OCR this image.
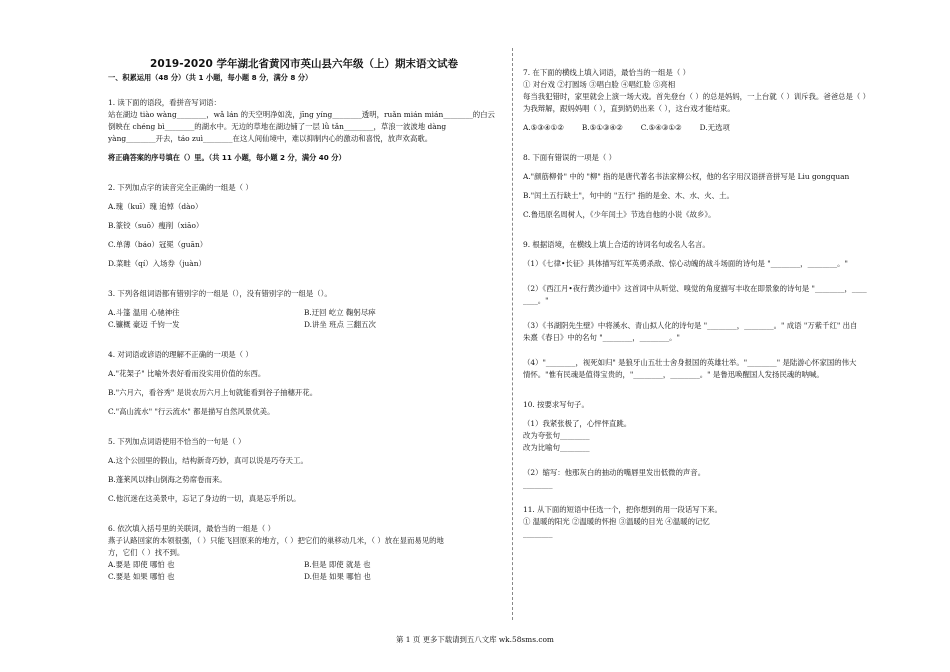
2019-2020 学年湖北省黄冈市英山县六年级（上）期末语文试卷

一、积累运用（48 分）（共 1 小题，每小题 8 分，满分 8 分）

1. 读下面的语段，看拼音写词语：

站在湖边 tiào wàng________，wǎ lán 的天空明净如洗，jīng yíng________透明，ruǎn mián mián________的白云倒映在 chéng bì________的湖水中。无边的草地在湖边铺了一层 lǜ tǎn________，草浪一波波地 dàng

yàng________开去，táo zuì________在这人间仙境中，难以抑制内心的激动和喜悦，放声欢高歌。

将正确答案的序号填在（）里。（共 11 小题，每小题 2 分，满分 40 分）

2. 下列加点字的读音完全正确的一组是（ ）

A.瑰（kuī）瑰 追悼（dào）

B.篆铰（suō）瘦削（xiāo）

C.单薄（báo）冠冕（guān）

D.菜畦（qí）入场券（juàn）

3. 下列各组词语都有错别字的一组是（），没有错别字的一组是（）。

A.斗篷 温用 心驰神往	B.迂回 屹立 鞠躬尽瘁
C.镰概 豪迈 千钧一发	D.讲坐 班点 三翻五次

4. 对词语或谚语的理解不正确的一项是（ ）

A."花架子" 比喻外表好看而没实用价值的东西。

B."六月六，看谷秀" 是说农历六月上旬就能看到谷子抽穗开花。

C."高山流水" "行云流水" 都是描写自然风景优美。

5. 下列加点词语使用不恰当的一句是（ ）

A.这个公园里的假山，结构新奇巧妙，真可以说是巧夺天工。

B.蓬莱风以排山倒海之势席卷而来。

C.他沉迷在这美景中，忘记了身边的一切，真是忘乎所以。

6. 依次填入括号里的关联词，最恰当的一组是（ ）

燕子认路回家的本领很强，（ ）只能飞回原来的地方，（ ）把它们的巢移动几米，（ ）放在显而易见的地

方，它们（ ）找不到。

A.要是 即使 哪怕 也	B.但是 即使 就是 也
C.要是 如果 哪怕 也	D.但是 如果 哪怕 也

7. 在下面的横线上填入词语，最恰当的一组是（ ）

① 对台戏 ②打圆场 ③唱白脸 ④唱红脸 ⑤亮相

每当我犯错时，家里就会上演一场大戏。首先登台（ ）的总是妈妈，一上台就（ ）训斥我。爸爸总是（ ）

为我辩解，跟妈妈唱（ ），直到奶奶出来（ ），这台戏才能结束。

A.⑤③④①② B.⑤①③④② C.⑤④③①② D.无选项

8. 下面有错误的一项是（ ）

A."颜筋柳骨" 中的 "柳" 指的是唐代著名书法家柳公权，他的名字用汉语拼音拼写是 Liu gongquan

B."闰土五行缺土"，句中的 "五行" 指的是金、木、水、火、土。

C.鲁迅原名周树人，《少年闰土》节选自他的小说《故乡》。

9. 根据语境，在横线上填上合适的诗词名句或名人名言。

（1）《七律•长征》具体描写红军英勇杀敌、惊心动魄的战斗场面的诗句是 "________，________。"

（2）《西江月•夜行黄沙道中》这首词中从听觉、嗅觉的角度描写丰收在即景象的诗句是 "________，____

____。"

（3）《书湖阴先生壁》中将溪水、青山拟人化的诗句是 "________，________。" 成语 "万紫千红" 出自

朱熹《春日》中的名句 "________，________。"

（4）"________，视死如归" 是狼牙山五壮士舍身报国的英雄壮举。"________" 是陆游心怀家国的伟大

情怀。"惟有民魂是值得宝贵的，"________，________。" 是鲁迅唤醒国人发扬民魂的呐喊。

10. 按要求写句子。

（1）我紧张极了，心怦怦直跳。

改为夸张句________

改为比喻句________

（2）缩写：他那灰白的抽动的嘴唇里发出低微的声音。

________

11. 从下面的短语中任选一个，把你想到的用一段话写下来。

① 温暖的阳光 ②温暖的怀抱 ③温暖的目光 ④温暖的记忆

________

第 1 页 更多下载请到五八文库 wk.58sms.com
